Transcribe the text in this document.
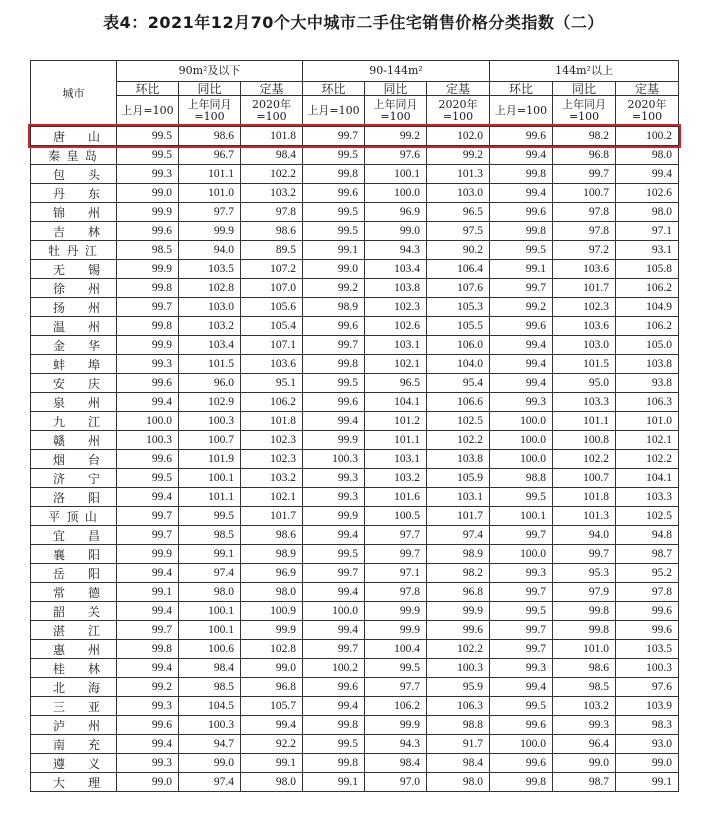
表4：2021年12月70个大中城市二手住宅销售价格分类指数（二）
城市	90m²及以下			90-144m²			144m²以上		
	环比	同比	定基	环比	同比	定基	环比	同比	定基
	上月=100	上年同月=100	2020年=100	上月=100	上年同月=100	2020年=100	上月=100	上年同月=100	2020年=100

唐 山	99.5	98.6	101.8	99.7	99.2	102.0	99.6	98.2	100.2

秦 皇 岛	99.5	96.7	98.4	99.5	97.6	99.2	99.4	96.8	98.0

包 头	99.3	101.1	102.2	99.8	100.1	101.3	99.8	99.7	99.4

丹 东	99.0	101.0	103.2	99.6	100.0	103.0	99.4	100.7	102.6

锦 州	99.9	97.7	97.8	99.5	96.9	96.5	99.6	97.8	98.0

吉 林	99.6	99.9	98.6	99.5	99.0	97.5	99.8	97.8	97.1

牡 丹 江	98.5	94.0	89.5	99.1	94.3	90.2	99.5	97.2	93.1

无 锡	99.9	103.5	107.2	99.0	103.4	106.4	99.1	103.6	105.8

徐 州	99.8	102.8	107.0	99.2	103.8	107.6	99.7	101.7	106.2

扬 州	99.7	103.0	105.6	98.9	102.3	105.3	99.2	102.3	104.9

温 州	99.8	103.2	105.4	99.6	102.6	105.5	99.6	103.6	106.2

金 华	99.9	103.4	107.1	99.7	103.1	106.0	99.4	103.0	105.0

蚌 埠	99.3	101.5	103.6	99.8	102.1	104.0	99.4	101.5	103.8

安 庆	99.6	96.0	95.1	99.5	96.5	95.4	99.4	95.0	93.8

泉 州	99.4	102.9	106.2	99.6	104.1	106.6	99.3	103.3	106.3

九 江	100.0	100.3	101.8	99.4	101.2	102.5	100.0	101.1	101.0

赣 州	100.3	100.7	102.3	99.9	101.1	102.2	100.0	100.8	102.1

烟 台	99.6	101.9	102.3	100.3	103.1	103.8	100.0	102.2	102.2

济 宁	99.5	100.1	103.2	99.3	103.2	105.9	98.8	100.7	104.1

洛 阳	99.4	101.1	102.1	99.3	101.6	103.1	99.5	101.8	103.3

平 顶 山	99.7	99.5	101.7	99.9	100.5	101.7	100.1	101.3	102.5

宜 昌	99.7	98.5	98.6	99.4	97.7	97.4	99.7	94.0	94.8

襄 阳	99.9	99.1	98.9	99.5	99.7	98.9	100.0	99.7	98.7

岳 阳	99.4	97.4	96.9	99.7	97.1	98.2	99.3	95.3	95.2

常 德	99.1	98.0	98.0	99.4	97.8	96.8	99.7	97.9	97.8

韶 关	99.4	100.1	100.9	100.0	99.9	99.9	99.5	99.8	99.6

湛 江	99.7	100.1	99.9	99.4	99.9	99.6	99.7	99.8	99.6

惠 州	99.8	100.6	102.8	99.7	100.4	102.2	99.7	101.0	103.5

桂 林	99.4	98.4	99.0	100.2	99.5	100.3	99.3	98.6	100.3

北 海	99.2	98.5	96.8	99.6	97.7	95.9	99.4	98.5	97.6

三 亚	99.3	104.5	105.7	99.4	106.2	106.3	99.5	103.2	103.9

泸 州	99.6	100.3	99.4	99.8	99.9	98.8	99.6	99.3	98.3

南 充	99.4	94.7	92.2	99.5	94.3	91.7	100.0	96.4	93.0

遵 义	99.3	99.0	99.1	99.8	98.4	98.4	99.6	99.0	99.0

大 理	99.0	97.4	98.0	99.1	97.0	98.0	99.8	98.7	99.1
